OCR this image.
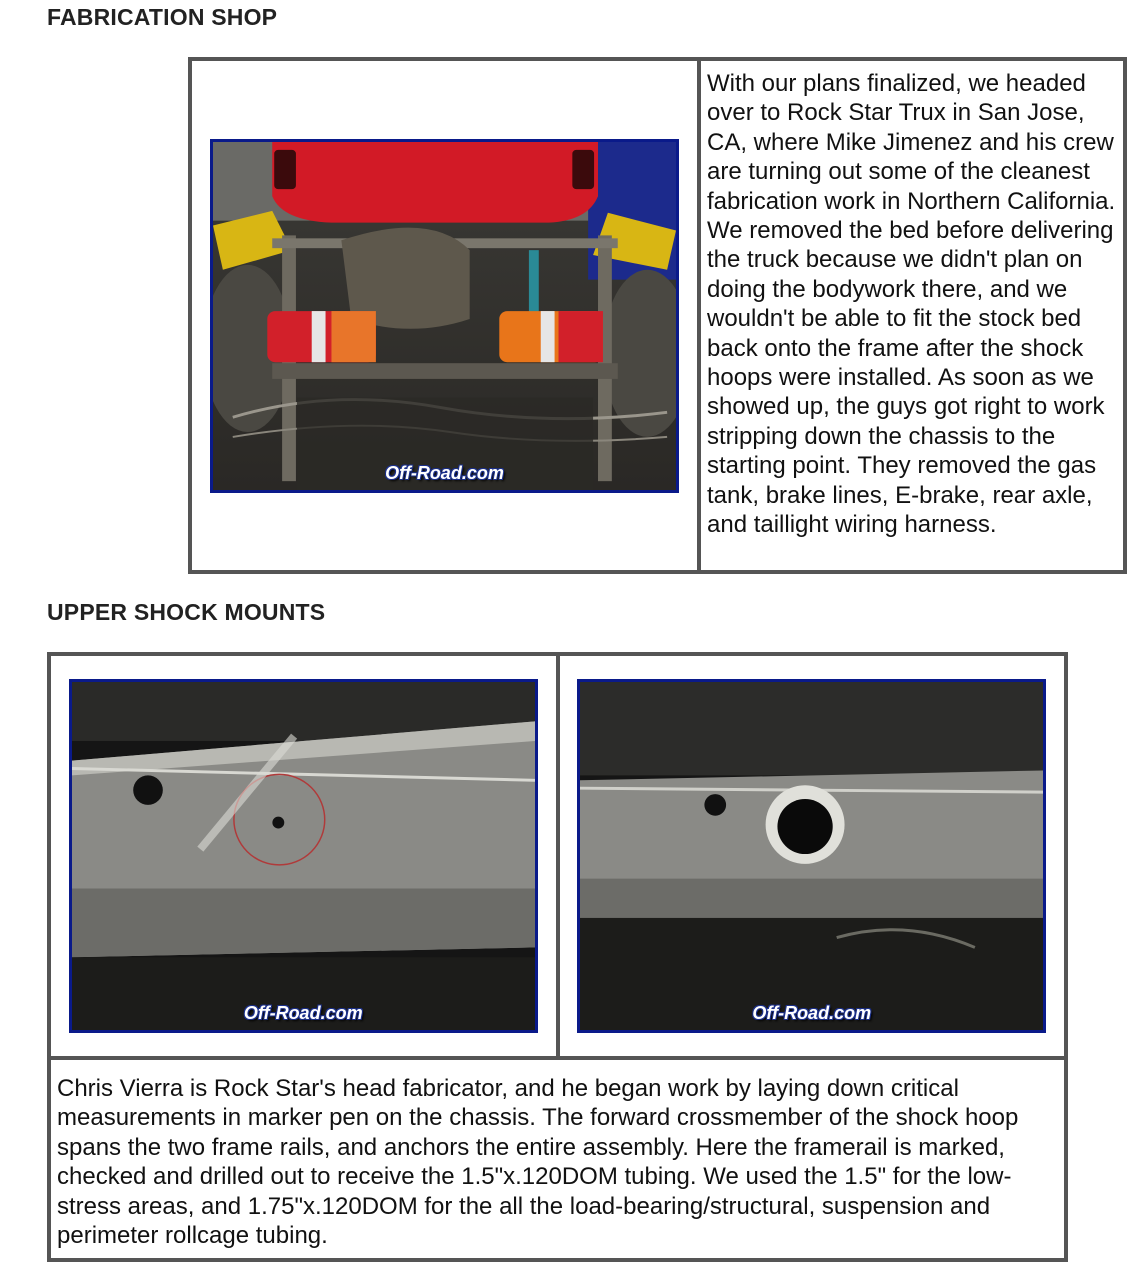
FABRICATION SHOP
Off-Road.com
	With our plans finalized, we headed over to Rock Star Trux in San Jose, CA, where Mike Jimenez and his crew are turning out some of the cleanest fabrication work in Northern California. We removed the bed before delivering the truck because we didn't plan on doing the bodywork there, and we wouldn't be able to fit the stock bed back onto the frame after the shock hoops were installed. As soon as we showed up, the guys got right to work stripping down the chassis to the starting point. They removed the gas tank, brake lines, E-brake, rear axle, and taillight wiring harness.
UPPER SHOCK MOUNTS
Off-Road.com	Off-Road.com

Chris Vierra is Rock Star's head fabricator, and he began work by laying down critical measurements in marker pen on the chassis. The forward crossmember of the shock hoop spans the two frame rails, and anchors the entire assembly. Here the framerail is marked, checked and drilled out to receive the 1.5"x.120DOM tubing. We used the 1.5" for the low-stress areas, and 1.75"x.120DOM for the all the load-bearing/structural, suspension and perimeter rollcage tubing.
